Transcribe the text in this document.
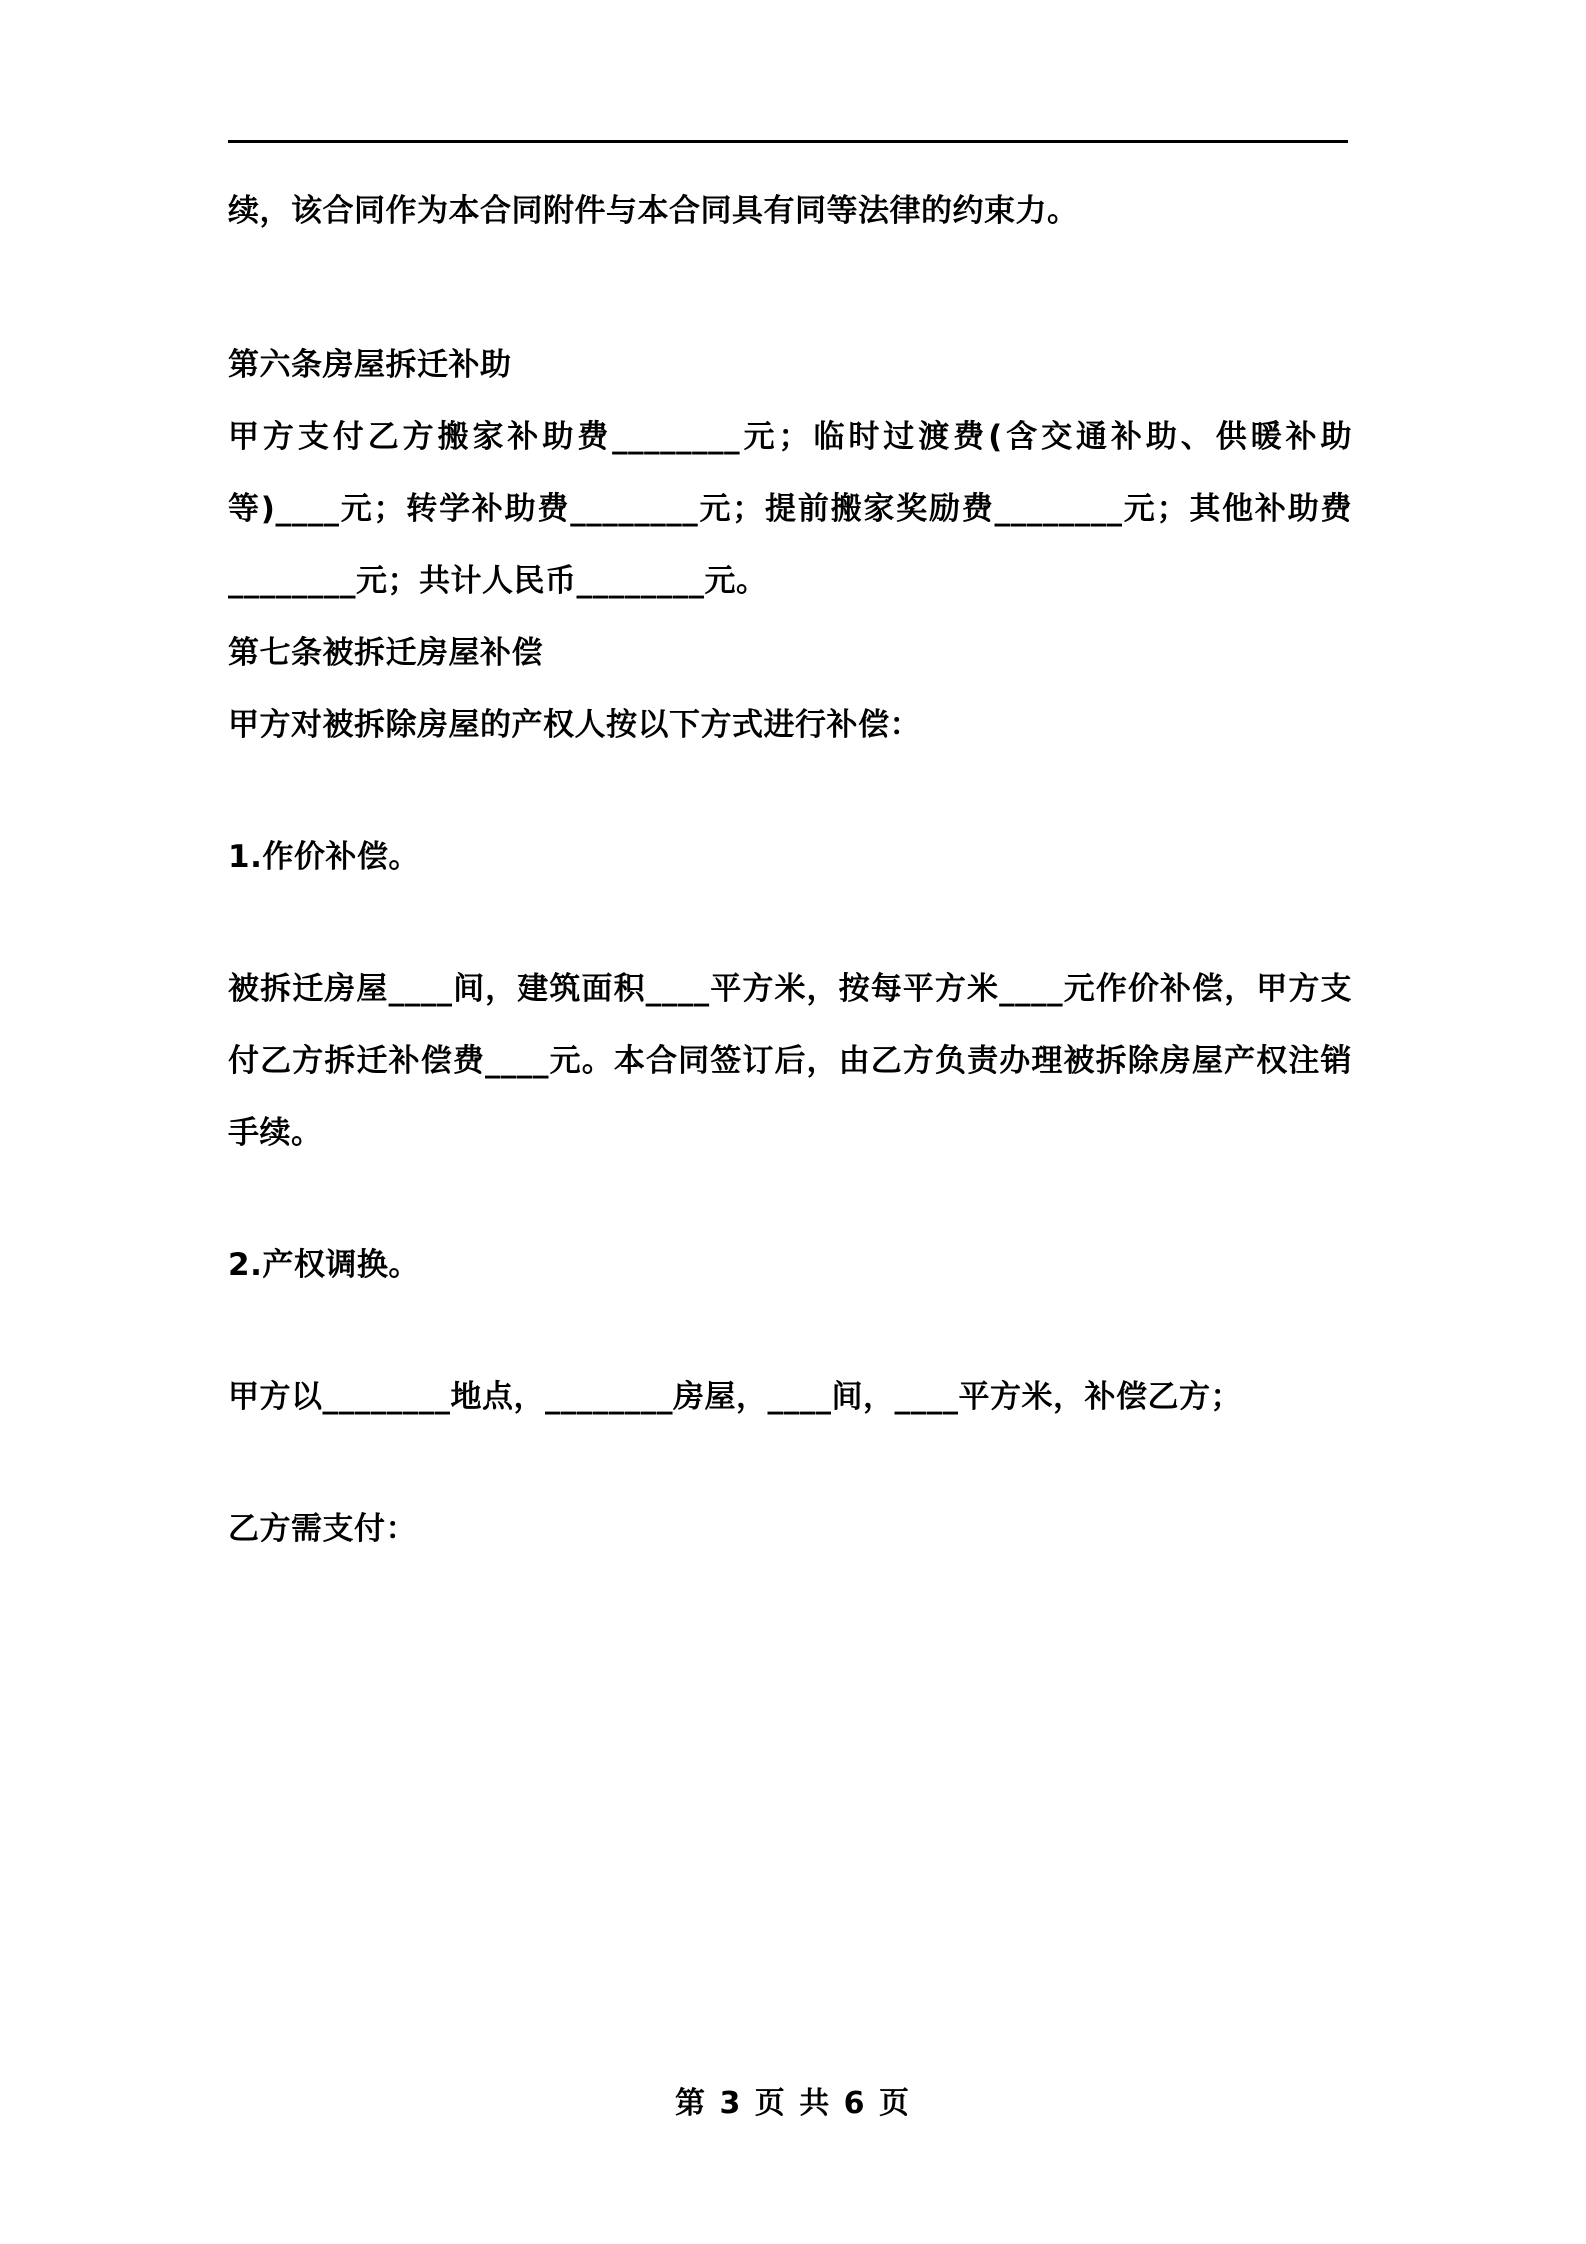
续，该合同作为本合同附件与本合同具有同等法律的约束力。

第六条房屋拆迁补助

甲方支付乙方搬家补助费________元；临时过渡费(含交通补助、供暖补助等)____元；转学补助费________元；提前搬家奖励费________元；其他补助费________元；共计人民币________元。

第七条被拆迁房屋补偿

甲方对被拆除房屋的产权人按以下方式进行补偿：

1.作价补偿。

被拆迁房屋____间，建筑面积____平方米，按每平方米____元作价补偿，甲方支付乙方拆迁补偿费____元。本合同签订后，由乙方负责办理被拆除房屋产权注销手续。

2.产权调换。

甲方以________地点，________房屋，____间，____平方米，补偿乙方；

乙方需支付：

第 3 页 共 6 页
